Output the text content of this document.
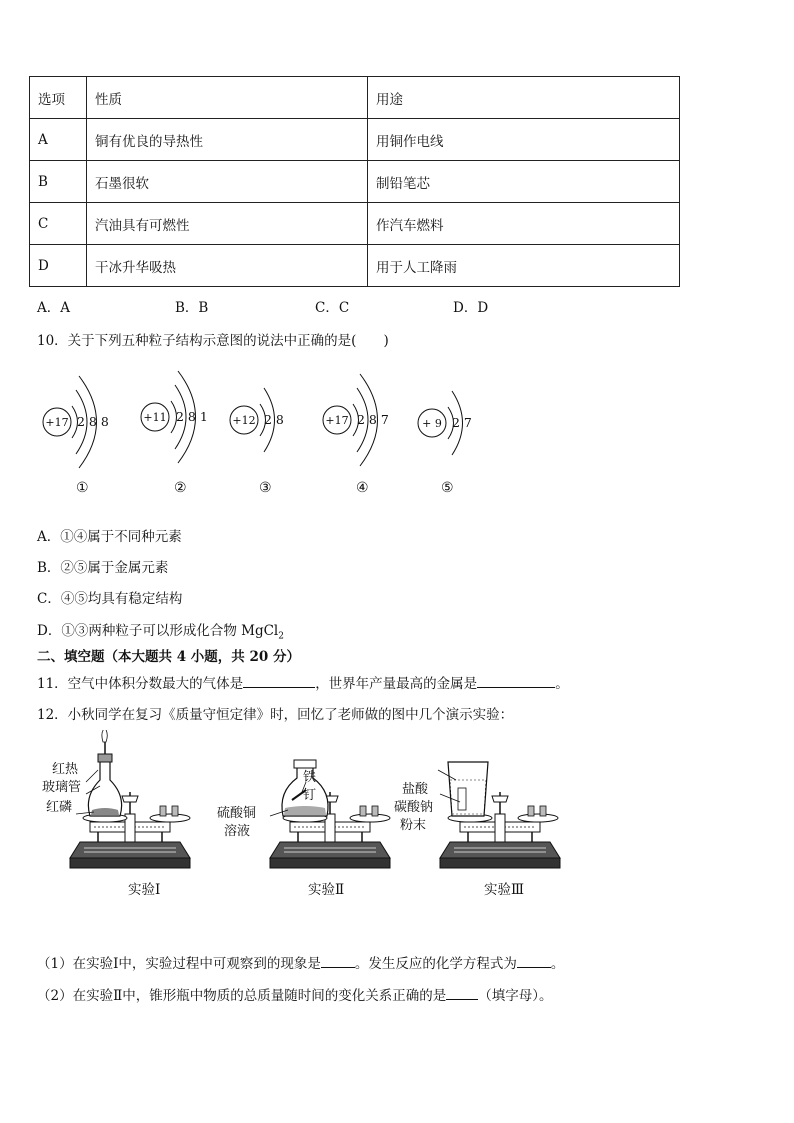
选项	性质	用途
A	铜有优良的导热性	用铜作电线
B	石墨很软	制铅笔芯
C	汽油具有可燃性	作汽车燃料
D	干冰升华吸热	用于人工降雨
A．A	B．B	C．C	D．D
10．关于下列五种粒子结构示意图的说法中正确的是(　　)
+17 2 8 8	+11 2 8 1 +12 2 8	+17 2 8 7	+ 9 2 7
①	②	③	④	⑤
A．①④属于不同种元素
B．②⑤属于金属元素
C．④⑤均具有稳定结构
D．①③两种粒子可以形成化合物 MgCl$_2$
二、填空题（本大题共 4 小题，共 20 分）
11．空气中体积分数最大的气体是	，世界年产量最高的金属是	。
12．小秋同学在复习《质量守恒定律》时，回忆了老师做的图中几个演示实验：
红热
玻璃管
红磷
铁
钉
硫酸铜
溶液
盐酸
碳酸钠
粉末
实验Ⅰ	实验Ⅱ	实验Ⅲ
（1）在实验Ⅰ中，实验过程中可观察到的现象是	。发生反应的化学方程式为	。
（2）在实验Ⅱ中，锥形瓶中物质的总质量随时间的变化关系正确的是 （填字母）。
